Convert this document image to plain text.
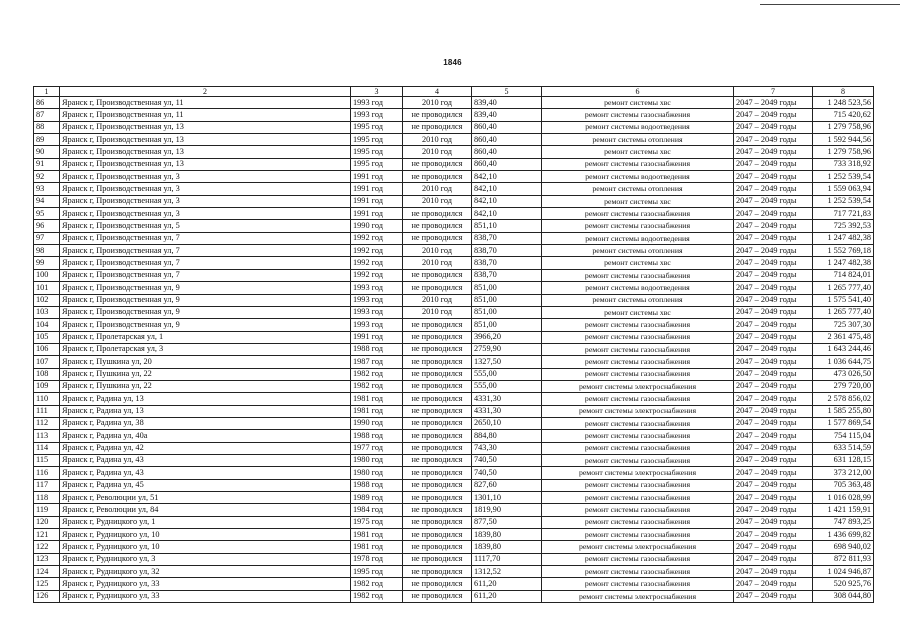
1846
1	2	3	4	5	6	7	8
86	Яранск г, Производственная ул, 11	1993 год	2010 год	839,40	ремонт системы хвс	2047 – 2049 годы	1 248 523,56
87	Яранск г, Производственная ул, 11	1993 год	не проводился	839,40	ремонт системы газоснабжения	2047 – 2049 годы	715 420,62
88	Яранск г, Производственная ул, 13	1995 год	не проводился	860,40	ремонт системы водоотведения	2047 – 2049 годы	1 279 758,96
89	Яранск г, Производственная ул, 13	1995 год	2010 год	860,40	ремонт системы отопления	2047 – 2049 годы	1 592 944,56
90	Яранск г, Производственная ул, 13	1995 год	2010 год	860,40	ремонт системы хвс	2047 – 2049 годы	1 279 758,96
91	Яранск г, Производственная ул, 13	1995 год	не проводился	860,40	ремонт системы газоснабжения	2047 – 2049 годы	733 318,92
92	Яранск г, Производственная ул, 3	1991 год	не проводился	842,10	ремонт системы водоотведения	2047 – 2049 годы	1 252 539,54
93	Яранск г, Производственная ул, 3	1991 год	2010 год	842,10	ремонт системы отопления	2047 – 2049 годы	1 559 063,94
94	Яранск г, Производственная ул, 3	1991 год	2010 год	842,10	ремонт системы хвс	2047 – 2049 годы	1 252 539,54
95	Яранск г, Производственная ул, 3	1991 год	не проводился	842,10	ремонт системы газоснабжения	2047 – 2049 годы	717 721,83
96	Яранск г, Производственная ул, 5	1990 год	не проводился	851,10	ремонт системы газоснабжения	2047 – 2049 годы	725 392,53
97	Яранск г, Производственная ул, 7	1992 год	не проводился	838,70	ремонт системы водоотведения	2047 – 2049 годы	1 247 482,38
98	Яранск г, Производственная ул, 7	1992 год	2010 год	838,70	ремонт системы отопления	2047 – 2049 годы	1 552 769,18
99	Яранск г, Производственная ул, 7	1992 год	2010 год	838,70	ремонт системы хвс	2047 – 2049 годы	1 247 482,38
100	Яранск г, Производственная ул, 7	1992 год	не проводился	838,70	ремонт системы газоснабжения	2047 – 2049 годы	714 824,01
101	Яранск г, Производственная ул, 9	1993 год	не проводился	851,00	ремонт системы водоотведения	2047 – 2049 годы	1 265 777,40
102	Яранск г, Производственная ул, 9	1993 год	2010 год	851,00	ремонт системы отопления	2047 – 2049 годы	1 575 541,40
103	Яранск г, Производственная ул, 9	1993 год	2010 год	851,00	ремонт системы хвс	2047 – 2049 годы	1 265 777,40
104	Яранск г, Производственная ул, 9	1993 год	не проводился	851,00	ремонт системы газоснабжения	2047 – 2049 годы	725 307,30
105	Яранск г, Пролетарская ул, 1	1991 год	не проводился	3966,20	ремонт системы газоснабжения	2047 – 2049 годы	2 361 475,48
106	Яранск г, Пролетарская ул, 3	1988 год	не проводился	2759,90	ремонт системы газоснабжения	2047 – 2049 годы	1 643 244,46
107	Яранск г, Пушкина ул, 20	1987 год	не проводился	1327,50	ремонт системы газоснабжения	2047 – 2049 годы	1 036 644,75
108	Яранск г, Пушкина ул, 22	1982 год	не проводился	555,00	ремонт системы газоснабжения	2047 – 2049 годы	473 026,50
109	Яранск г, Пушкина ул, 22	1982 год	не проводился	555,00	ремонт системы электроснабжения	2047 – 2049 годы	279 720,00
110	Яранск г, Радина ул, 13	1981 год	не проводился	4331,30	ремонт системы газоснабжения	2047 – 2049 годы	2 578 856,02
111	Яранск г, Радина ул, 13	1981 год	не проводился	4331,30	ремонт системы электроснабжения	2047 – 2049 годы	1 585 255,80
112	Яранск г, Радина ул, 38	1990 год	не проводился	2650,10	ремонт системы газоснабжения	2047 – 2049 годы	1 577 869,54
113	Яранск г, Радина ул, 40а	1988 год	не проводился	884,80	ремонт системы газоснабжения	2047 – 2049 годы	754 115,04
114	Яранск г, Радина ул, 42	1977 год	не проводился	743,30	ремонт системы газоснабжения	2047 – 2049 годы	633 514,59
115	Яранск г, Радина ул, 43	1980 год	не проводился	740,50	ремонт системы газоснабжения	2047 – 2049 годы	631 128,15
116	Яранск г, Радина ул, 43	1980 год	не проводился	740,50	ремонт системы электроснабжения	2047 – 2049 годы	373 212,00
117	Яранск г, Радина ул, 45	1988 год	не проводился	827,60	ремонт системы газоснабжения	2047 – 2049 годы	705 363,48
118	Яранск г, Революции ул, 51	1989 год	не проводился	1301,10	ремонт системы газоснабжения	2047 – 2049 годы	1 016 028,99
119	Яранск г, Революции ул, 84	1984 год	не проводился	1819,90	ремонт системы газоснабжения	2047 – 2049 годы	1 421 159,91
120	Яранск г, Рудницкого ул, 1	1975 год	не проводился	877,50	ремонт системы газоснабжения	2047 – 2049 годы	747 893,25
121	Яранск г, Рудницкого ул, 10	1981 год	не проводился	1839,80	ремонт системы газоснабжения	2047 – 2049 годы	1 436 699,82
122	Яранск г, Рудницкого ул, 10	1981 год	не проводился	1839,80	ремонт системы электроснабжения	2047 – 2049 годы	698 940,02
123	Яранск г, Рудницкого ул, 3	1978 год	не проводился	1117,70	ремонт системы газоснабжения	2047 – 2049 годы	872 811,93
124	Яранск г, Рудницкого ул, 32	1995 год	не проводился	1312,52	ремонт системы газоснабжения	2047 – 2049 годы	1 024 946,87
125	Яранск г, Рудницкого ул, 33	1982 год	не проводился	611,20	ремонт системы газоснабжения	2047 – 2049 годы	520 925,76
126	Яранск г, Рудницкого ул, 33	1982 год	не проводился	611,20	ремонт системы электроснабжения	2047 – 2049 годы	308 044,80
